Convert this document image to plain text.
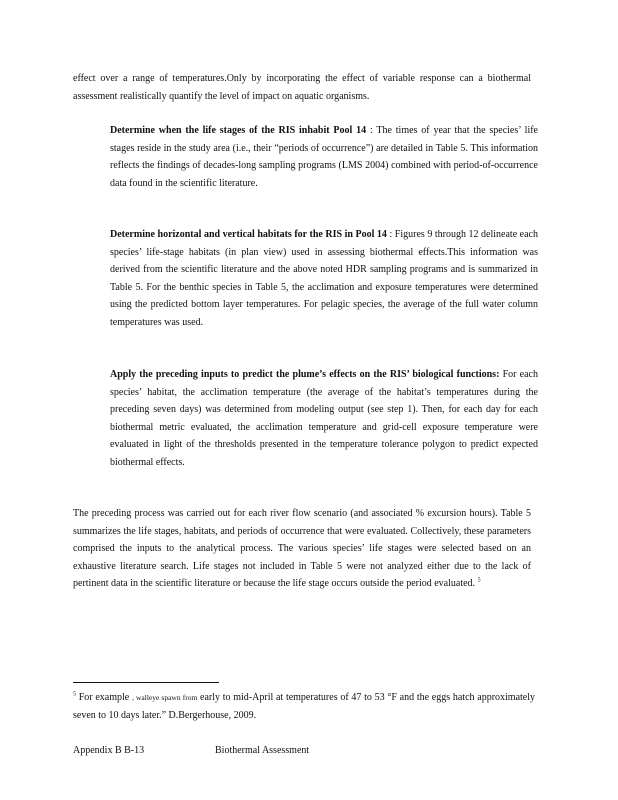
effect over a range of temperatures.Only by incorporating the effect of variable response can a biothermal assessment realistically quantify the level of impact on aquatic organisms.

Determine when the life stages of the RIS inhabit Pool 14 : The times of year that the species’ life stages reside in the study area (i.e., their “periods of occurrence”) are detailed in Table 5. This information reflects the findings of decades-long sampling programs (LMS 2004) combined with period-of-occurrence data found in the scientific literature.

Determine horizontal and vertical habitats for the RIS in Pool 14 : Figures 9 through 12 delineate each species’ life-stage habitats (in plan view) used in assessing biothermal effects.This information was derived from the scientific literature and the above noted HDR sampling programs and is summarized in Table 5. For the benthic species in Table 5, the acclimation and exposure temperatures were determined using the predicted bottom layer temperatures. For pelagic species, the average of the full water column temperatures was used.

Apply the preceding inputs to predict the plume’s effects on the RIS’ biological functions: For each species’ habitat, the acclimation temperature (the average of the habitat’s temperatures during the preceding seven days) was determined from modeling output (see step 1). Then, for each day for each biothermal metric evaluated, the acclimation temperature and grid-cell exposure temperature were evaluated in light of the thresholds presented in the temperature tolerance polygon to predict expected biothermal effects.

The preceding process was carried out for each river flow scenario (and associated % excursion hours). Table 5 summarizes the life stages, habitats, and periods of occurrence that were evaluated. Collectively, these parameters comprised the inputs to the analytical process. The various species’ life stages were selected based on an exhaustive literature search. Life stages not included in Table 5 were not analyzed either due to the lack of pertinent data in the scientific literature or because the life stage occurs outside the period evaluated. $^5$

$^5$ For example , walleye spawn from early to mid-April at temperatures of 47 to 53 °F and the eggs hatch approximately seven to 10 days later.” D.Bergerhouse, 2009.

Appendix B B-13	Biothermal Assessment
